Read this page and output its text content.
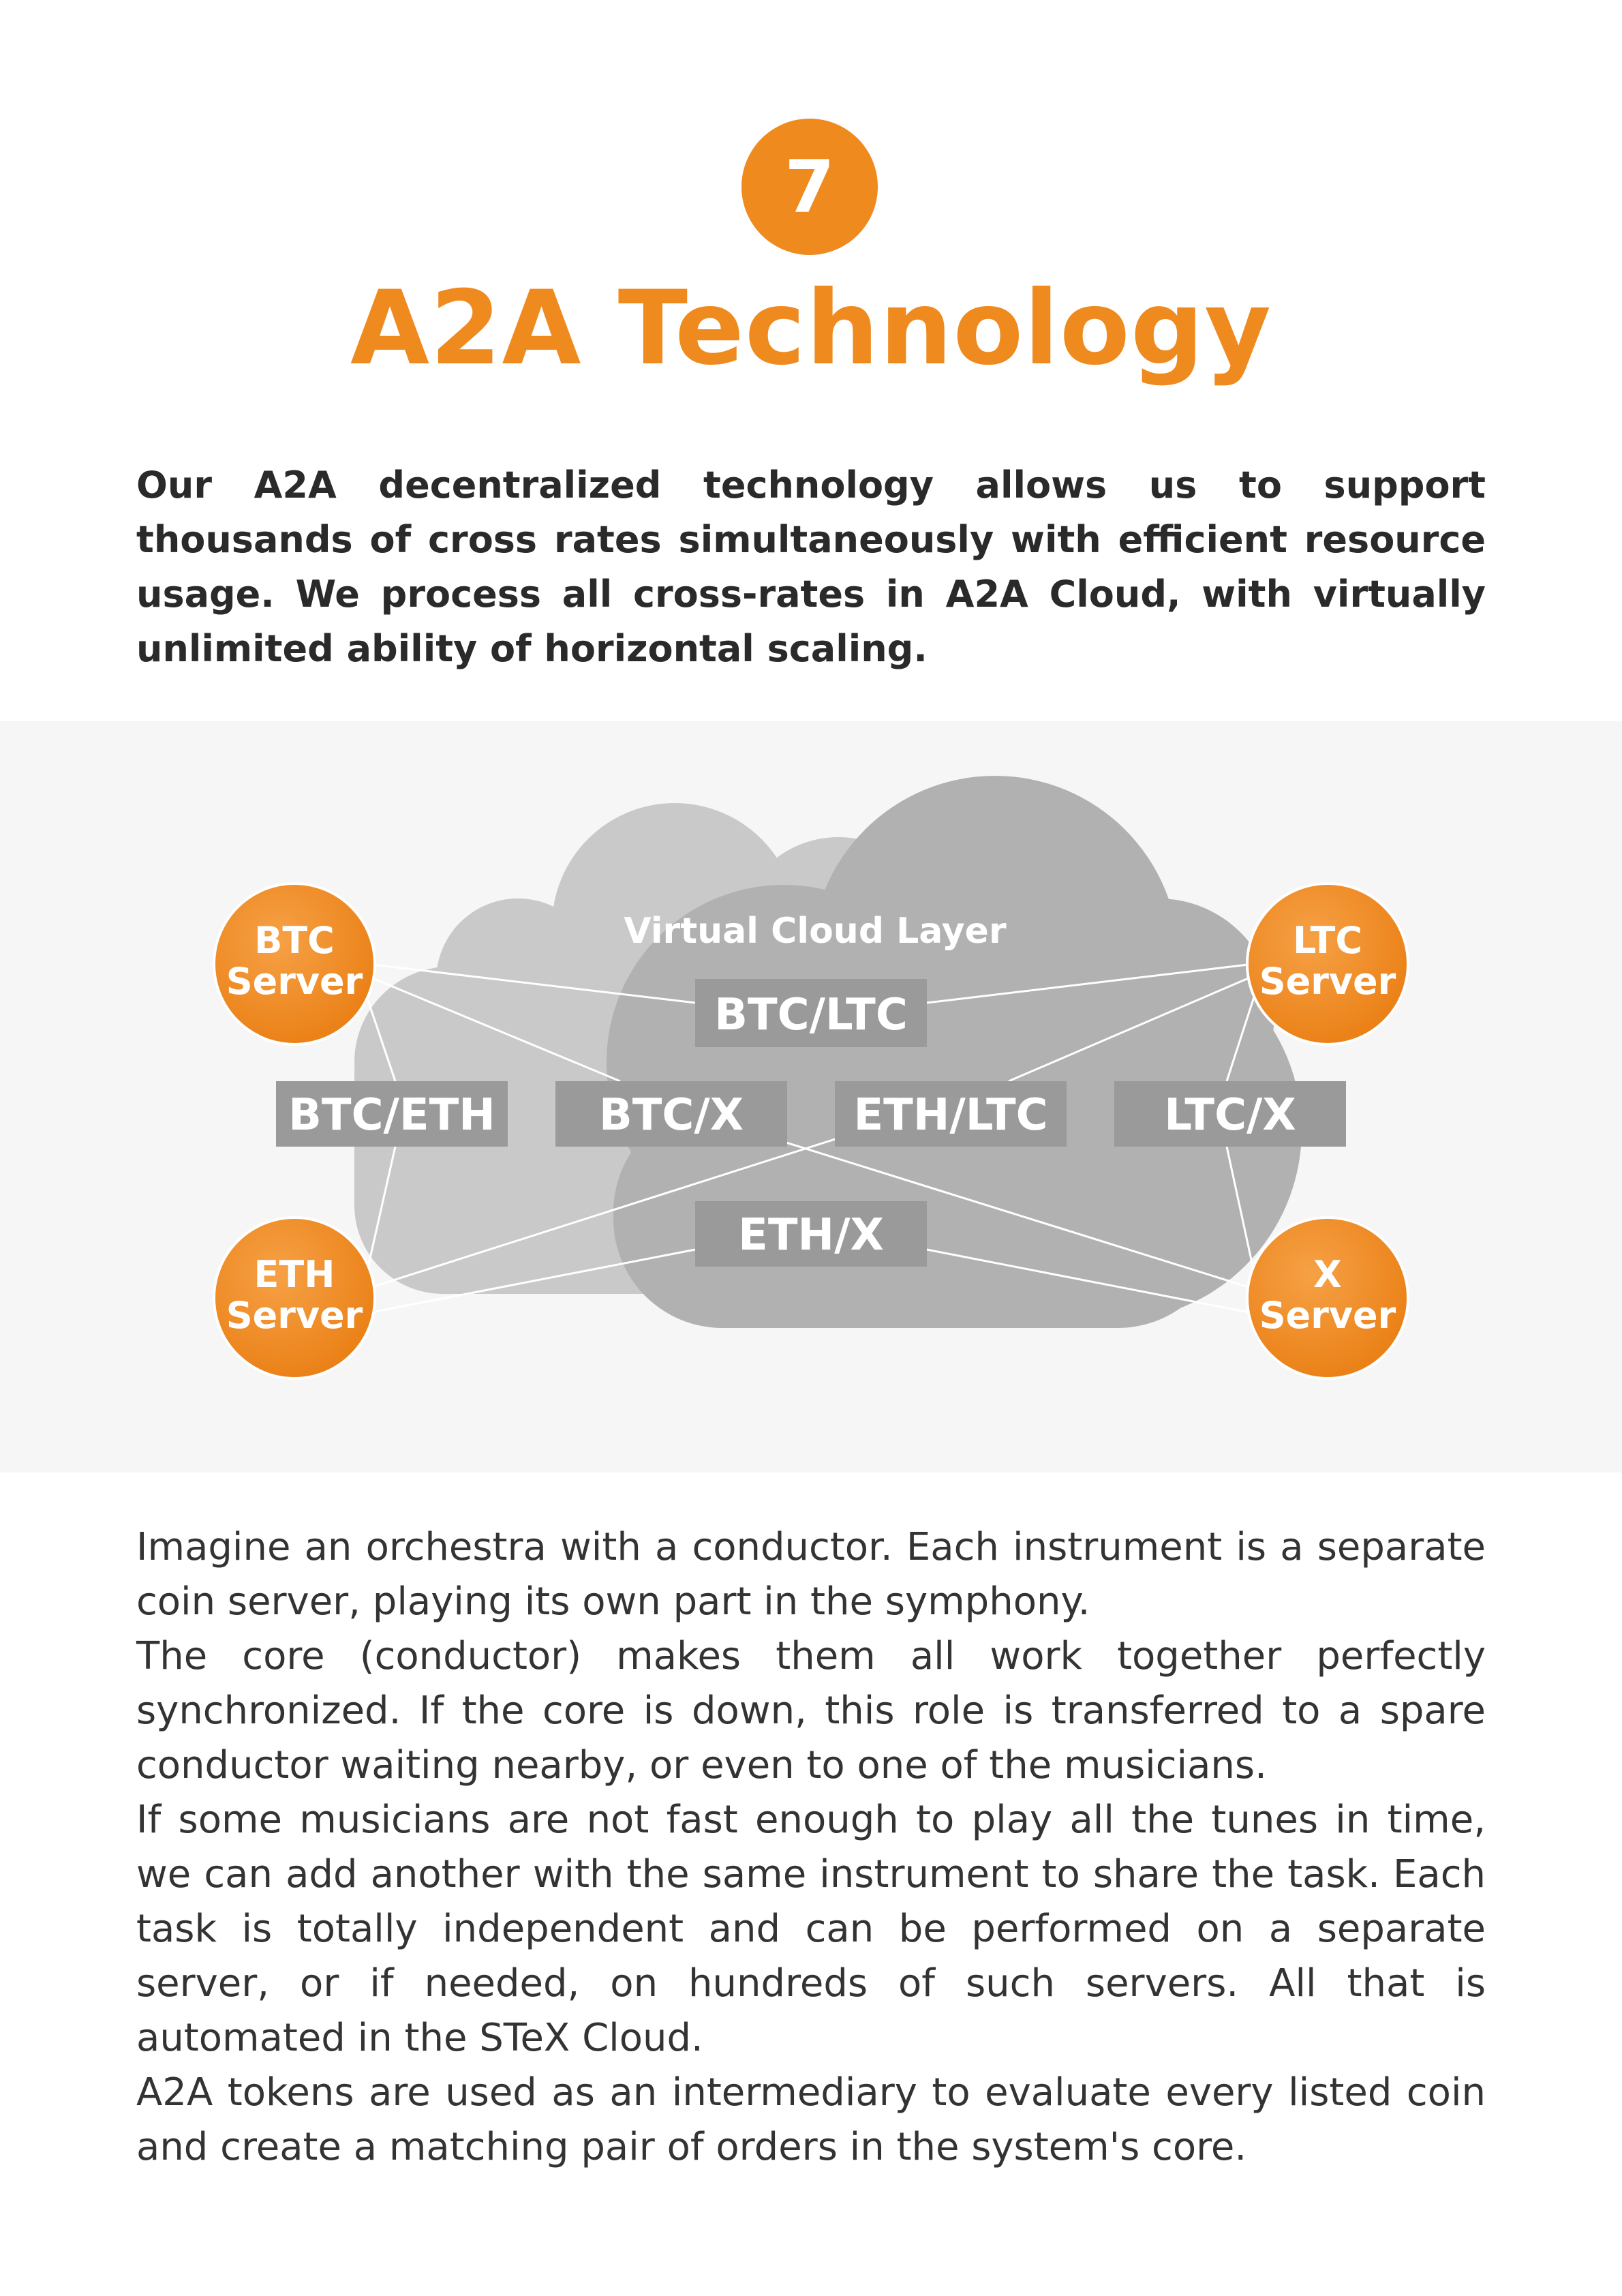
7
A2A Technology
Our A2A decentralized technology allows us to support thousands of cross rates simultaneously with efficient resource usage. We process all cross-rates in A2A Cloud, with virtually unlimited ability of horizontal scaling.
Virtual Cloud Layer
BTC/LTC
BTC/ETH BTC/X	ETH/LTC	LTC/X
ETH/X
BTC
Server
LTC
Server
ETH
Server
X
Server

Imagine an orchestra with a conductor. Each instrument is a separate coin server, playing its own part in the symphony.

The core (conductor) makes them all work together perfectly synchronized. If the core is down, this role is transferred to a spare conductor waiting nearby, or even to one of the musicians.

If some musicians are not fast enough to play all the tunes in time, we can add another with the same instrument to share the task. Each task is totally independent and can be performed on a separate server, or if needed, on hundreds of such servers. All that is automated in the STeX Cloud.

A2A tokens are used as an intermediary to evaluate every listed coin and create a matching pair of orders in the system's core.
